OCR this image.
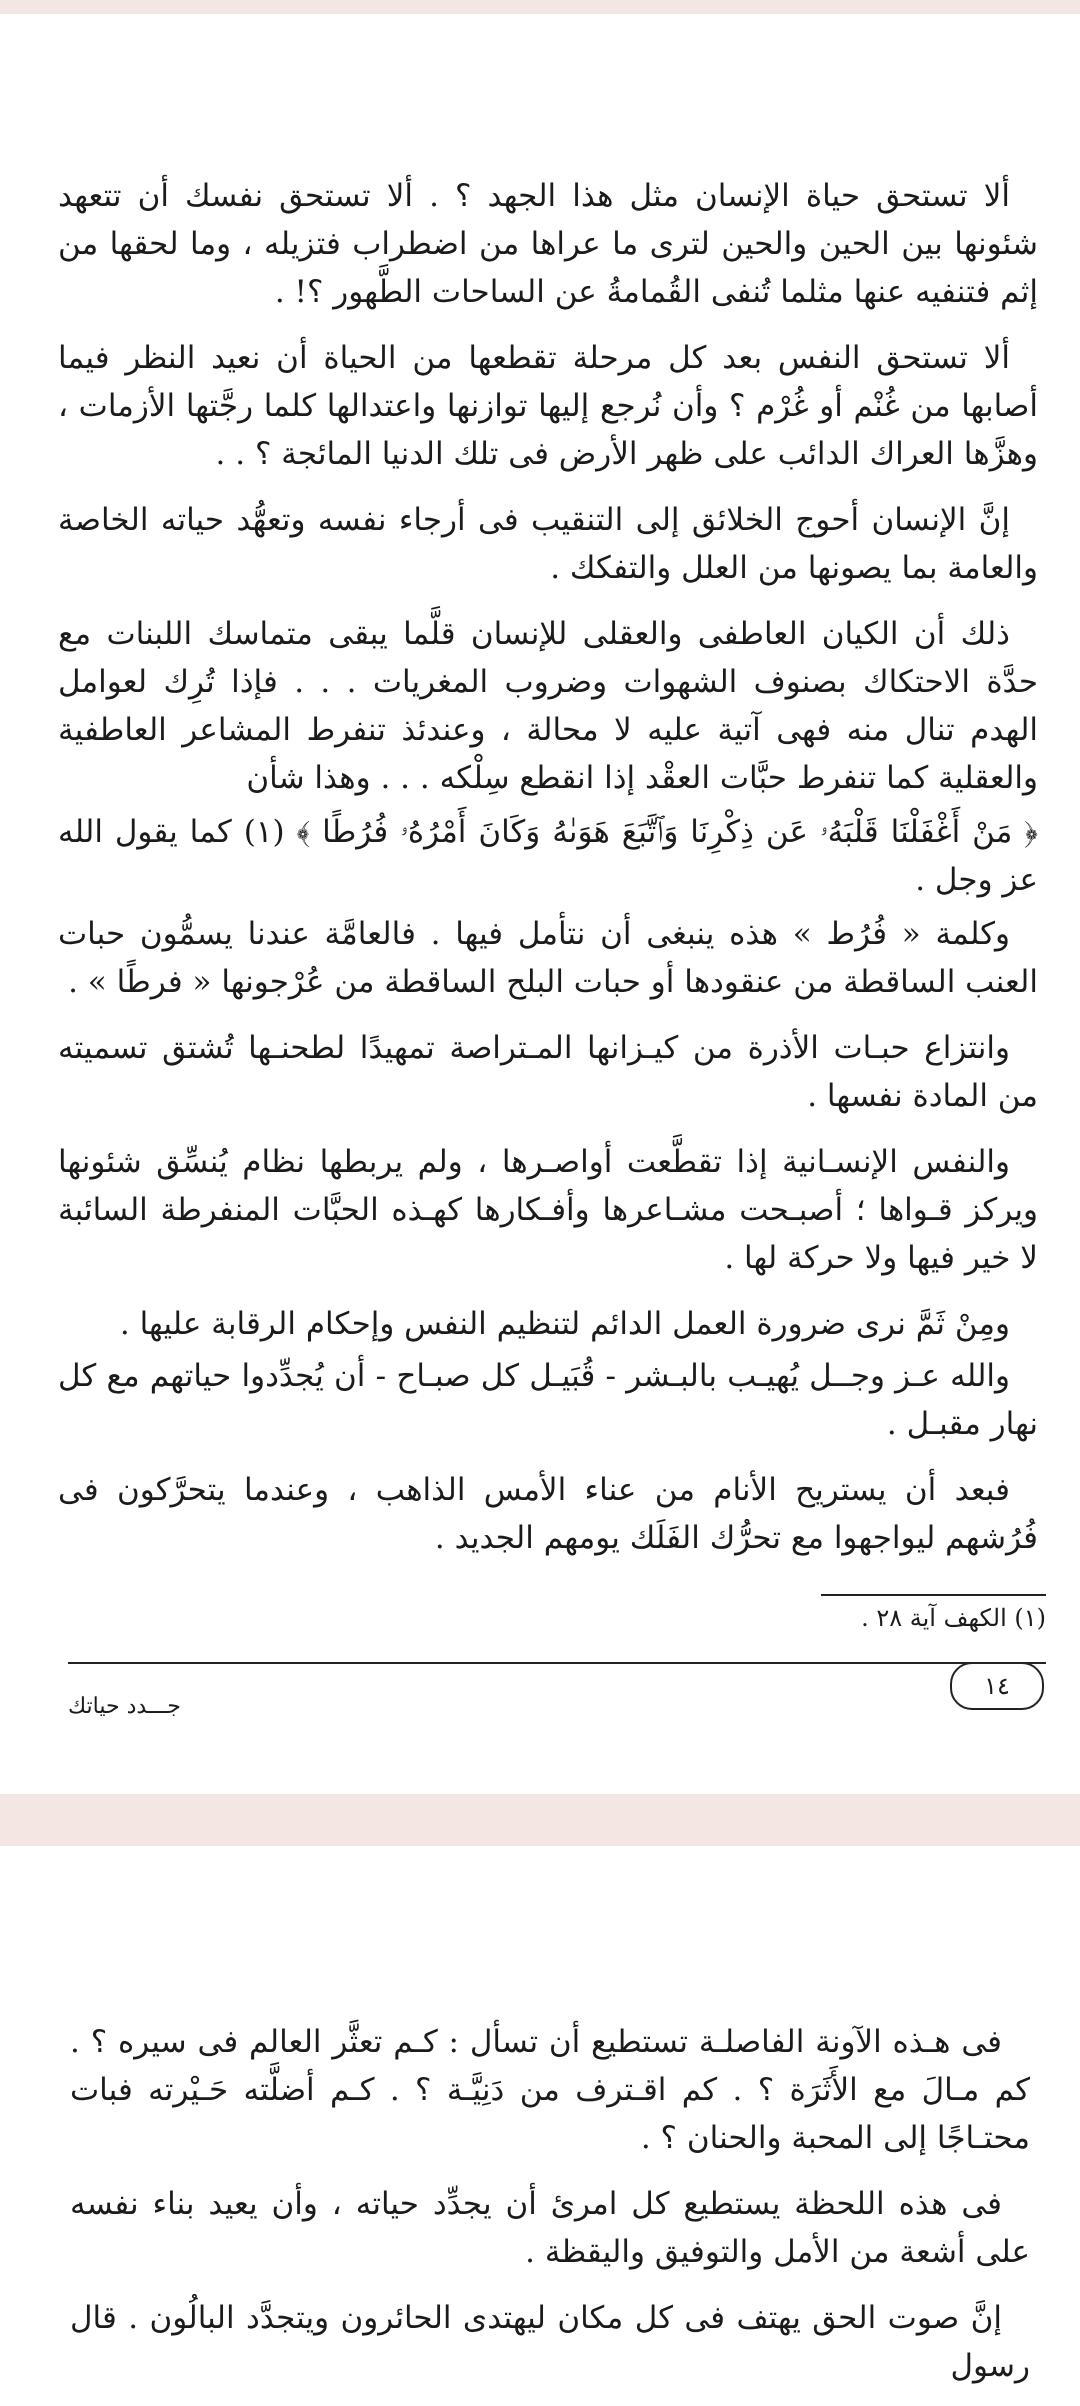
ألا تستحق حياة الإنسان مثل هذا الجهد ؟ . ألا تستحق نفسك أن تتعهد شئونها بين الحين والحين لترى ما عراها من اضطراب فتزيله ، وما لحقها من إثم فتنفيه عنها مثلما تُنفى القُمامةُ عن الساحات الطَّهور ؟! .

ألا تستحق النفس بعد كل مرحلة تقطعها من الحياة أن نعيد النظر فيما أصابها من غُنْم أو غُرْم ؟ وأن نُرجع إليها توازنها واعتدالها كلما رجَّتها الأزمات ، وهزَّها العراك الدائب على ظهر الأرض فى تلك الدنيا المائجة ؟ . .

إنَّ الإنسان أحوج الخلائق إلى التنقيب فى أرجاء نفسه وتعهُّد حياته الخاصة والعامة بما يصونها من العلل والتفكك .

ذلك أن الكيان العاطفى والعقلى للإنسان قلَّما يبقى متماسك اللبنات مع حدَّة الاحتكاك بصنوف الشهوات وضروب المغريات . . . فإذا تُرِك لعوامل الهدم تنال منه فهى آتية عليه لا محالة ، وعندئذ تنفرط المشاعر العاطفية والعقلية كما تنفرط حبَّات العقْد إذا انقطع سِلْكه . . . وهذا شأن

﴿ مَنْ أَغْفَلْنَا قَلْبَهُۥ عَن ذِكْرِنَا وَٱتَّبَعَ هَوَىٰهُ وَكَانَ أَمْرُهُۥ فُرُطًا ﴾ (١) كما يقول الله عز وجل .

وكلمة « فُرُط » هذه ينبغى أن نتأمل فيها . فالعامَّة عندنا يسمُّون حبات العنب الساقطة من عنقودها أو حبات البلح الساقطة من عُرْجونها « فرطًا » .

وانتزاع حبـات الأذرة من كيـزانها المـتراصة تمهيدًا لطحنـها تُشتق تسميته من المادة نفسها .

والنفس الإنسـانية إذا تقطَّعت أواصـرها ، ولم يربطها نظام يُنسِّق شئونها ويركز قـواها ؛ أصبـحت مشـاعرها وأفـكارها كهـذه الحبَّات المنفرطة السائبة لا خير فيها ولا حركة لها .

ومِنْ ثَمَّ نرى ضرورة العمل الدائم لتنظيم النفس وإحكام الرقابة عليها .

والله عـز وجــل يُهيـب بالبـشر - قُبَيـل كل صبـاح - أن يُجدِّدوا حياتهم مع كل نهار مقبـل .

فبعد أن يستريح الأنام من عناء الأمس الذاهب ، وعندما يتحرَّكون فى فُرُشهم ليواجهوا مع تحرُّك الفَلَك يومهم الجديد .

(١) الكهف آية ٢٨ .
١٤
جـــدد حياتك

فى هـذه الآونة الفاصلـة تستطيع أن تسأل : كـم تعثَّر العالم فى سيره ؟ . كم مـالَ مع الأَثَرَة ؟ . كم اقـترف من دَنِيَّـة ؟ . كـم أضلَّته حَـيْرته فبات محتـاجًا إلى المحبة والحنان ؟ .

فى هذه اللحظة يستطيع كل امرئ أن يجدِّد حياته ، وأن يعيد بناء نفسه على أشعة من الأمل والتوفيق واليقظة .

إنَّ صوت الحق يهتف فى كل مكان ليهتدى الحائرون ويتجدَّد البالُون . قال رسول
